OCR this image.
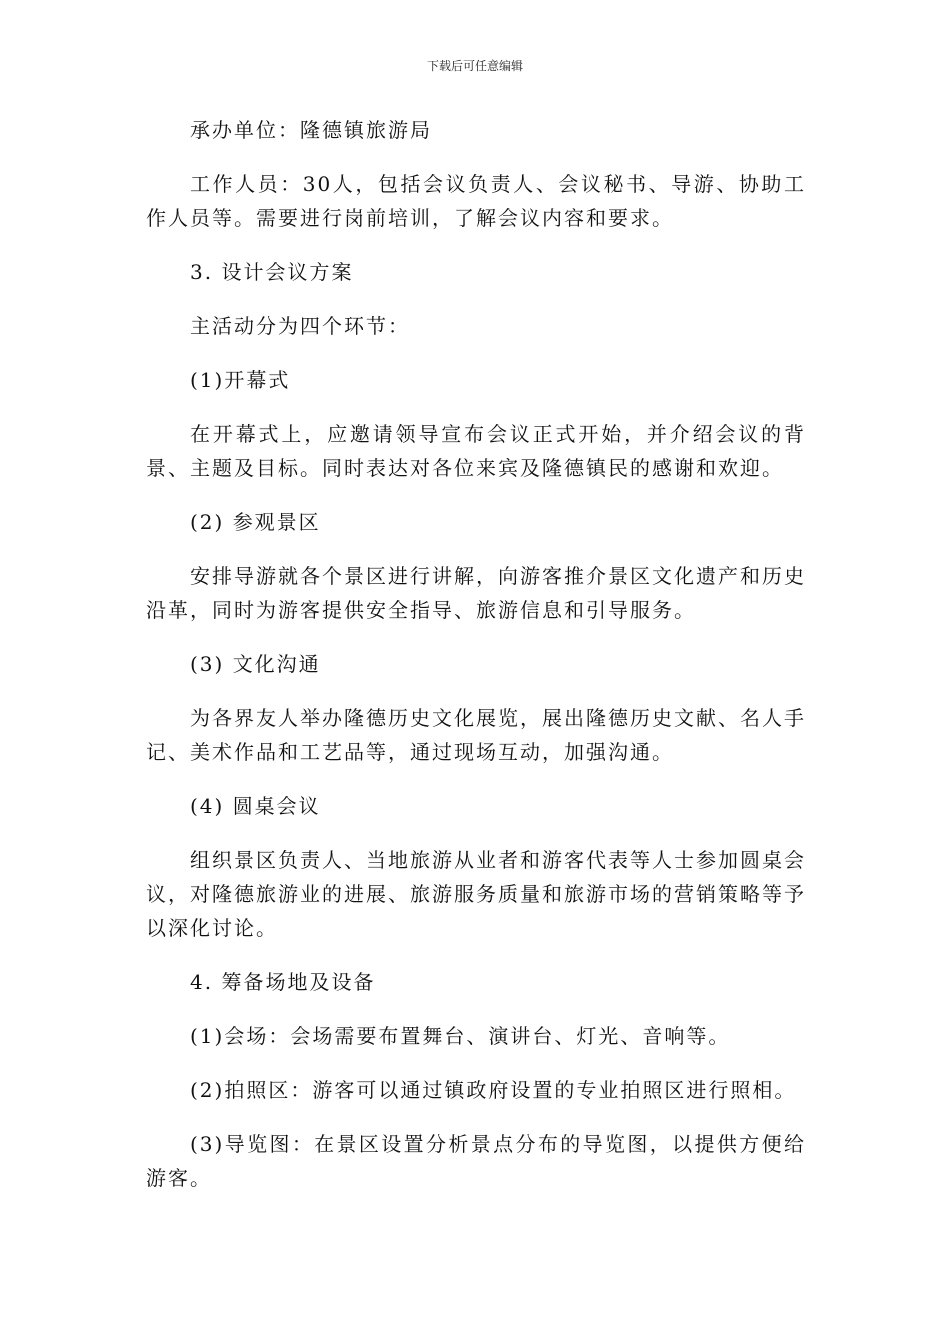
下载后可任意编辑

承办单位：隆德镇旅游局

工作人员：30人，包括会议负责人、会议秘书、导游、协助工作人员等。需要进行岗前培训，了解会议内容和要求。

3. 设计会议方案

主活动分为四个环节：

(1)开幕式

在开幕式上，应邀请领导宣布会议正式开始，并介绍会议的背景、主题及目标。同时表达对各位来宾及隆德镇民的感谢和欢迎。

(2) 参观景区

安排导游就各个景区进行讲解，向游客推介景区文化遗产和历史沿革，同时为游客提供安全指导、旅游信息和引导服务。

(3) 文化沟通

为各界友人举办隆德历史文化展览，展出隆德历史文献、名人手记、美术作品和工艺品等，通过现场互动，加强沟通。

(4) 圆桌会议

组织景区负责人、当地旅游从业者和游客代表等人士参加圆桌会议，对隆德旅游业的进展、旅游服务质量和旅游市场的营销策略等予以深化讨论。

4. 筹备场地及设备

(1)会场：会场需要布置舞台、演讲台、灯光、音响等。

(2)拍照区：游客可以通过镇政府设置的专业拍照区进行照相。

(3)导览图：在景区设置分析景点分布的导览图，以提供方便给游客。
